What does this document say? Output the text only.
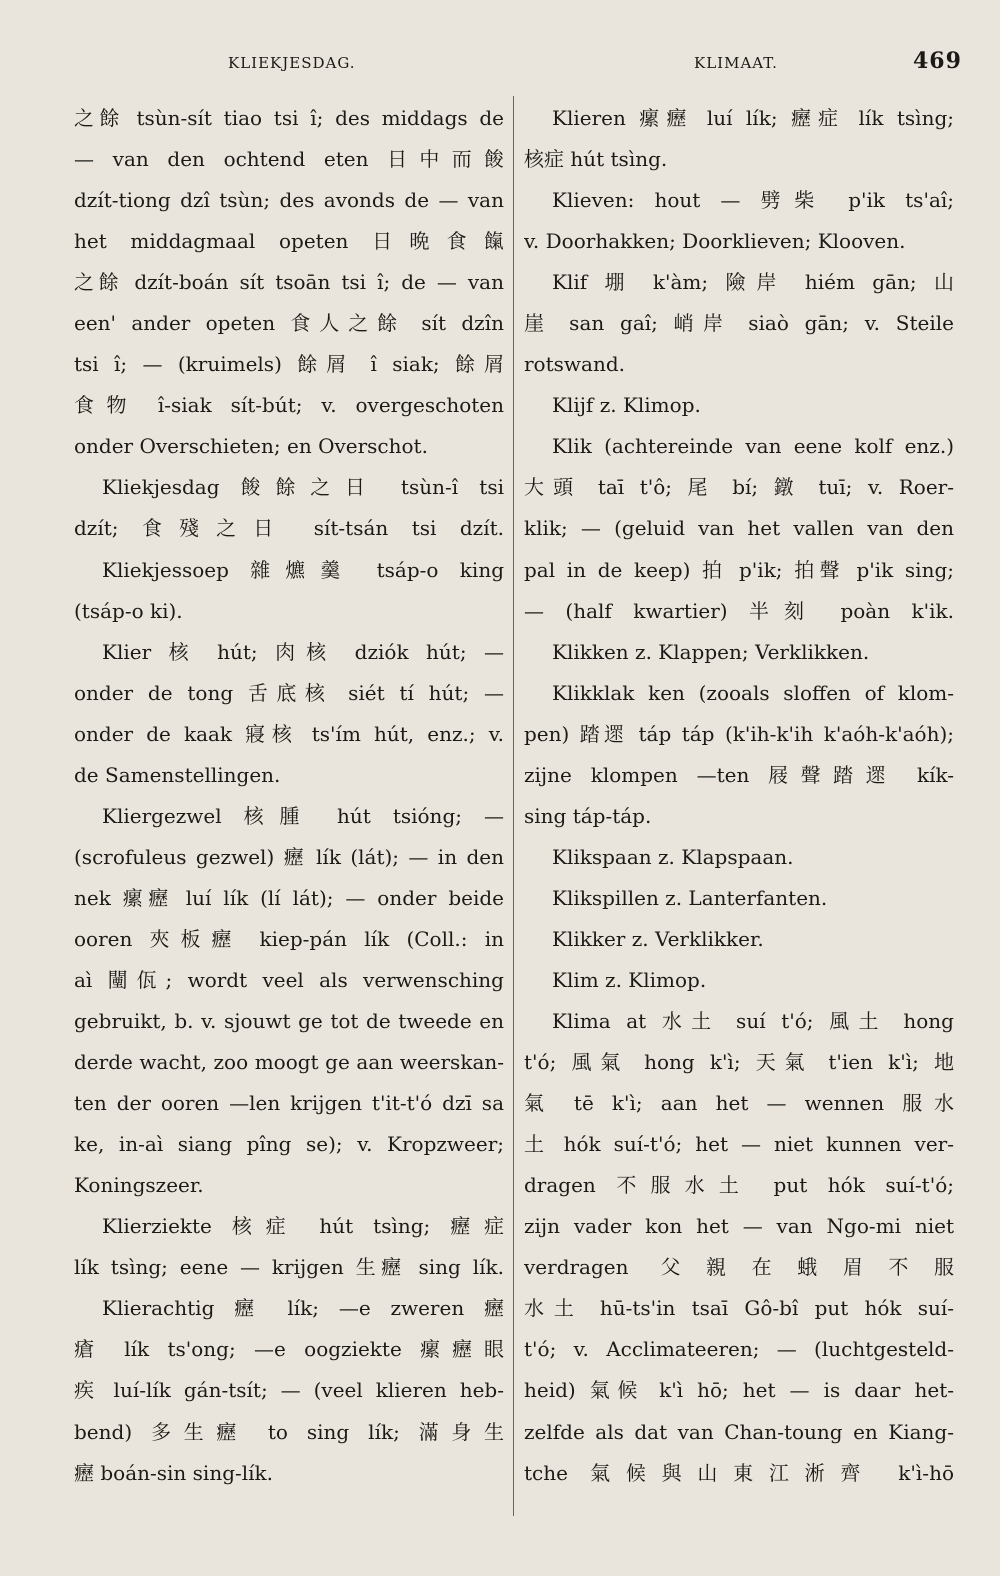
KLIEKJESDAG.	KLIMAAT.	469
之餘 tsùn-sít tiao tsi î; des middags de
— van den ochtend eten 日中而餕
dzít-tiong dzî tsùn; des avonds de — van
het middagmaal opeten 日晩食餼
之餘 dzít-boán sít tsoān tsi î; de — van
een' ander opeten 食人之餘 sít dzîn
tsi î; — (kruimels) 餘屑 î siak; 餘屑
食物 î-siak sít-bút; v. overgeschoten
onder Overschieten; en Overschot.
Kliekjesdag 餕餘之日 tsùn-î tsi
dzít; 食殘之日 sít-tsán tsi dzít.
Kliekjessoep 雜爊羹 tsáp-o king
(tsáp-o ki).
Klier 核 hút; 肉核 dziók hút; —
onder de tong 舌底核 siét tí hút; —
onder de kaak 寢核 ts'ím hút, enz.; v.
de Samenstellingen.
Kliergezwel 核腫 hút tsióng; —
(scrofuleus gezwel) 癧 lík (lát); — in den
nek 瘰癧 luí lík (lí lát); — onder beide
ooren 夾板癧 kiep-pán lík (Coll.: in
aì 闉佤; wordt veel als verwensching
gebruikt, b. v. sjouwt ge tot de tweede en
derde wacht, zoo moogt ge aan weerskan-
ten der ooren —len krijgen t'it-t'ó dzī sa
ke, in-aì siang pîng se); v. Kropzweer;
Koningszeer.
Klierziekte 核症 hút tsìng; 癧症
lík tsìng; eene — krijgen 生癧 sing lík.
Klierachtig 癧 lík; —e zweren 癧
瘡 lík ts'ong; —e oogziekte 瘰癧眼
疾 luí-lík gán-tsít; — (veel klieren heb-
bend) 多生癧 to sing lík; 滿身生
癧 boán-sin sing-lík.
Klieren 瘰癧 luí lík; 癧症 lík tsìng;
核症 hút tsìng.
Klieven: hout — 劈柴 p'ik ts'aî;
v. Doorhakken; Doorklieven; Klooven.
Klif 堋 k'àm; 險岸 hiém gān; 山
崖 san gaî; 峭岸 siaò gān; v. Steile
rotswand.
Klijf z. Klimop.
Klik (achtereinde van eene kolf enz.)
大頭 taī t'ô; 尾 bí; 鐓 tuī; v. Roer-
klik; — (geluid van het vallen van den
pal in de keep) 拍 p'ik; 拍聲 p'ik sing;
— (half kwartier) 半刻 poàn k'ik.
Klikken z. Klappen; Verklikken.
Klikklak ken (zooals sloffen of klom-
pen) 踏遝 táp táp (k'ih-k'ih k'aóh-k'aóh);
zijne klompen —ten 屐聲踏遝 kík-
sing táp-táp.
Klikspaan z. Klapspaan.
Klikspillen z. Lanterfanten.
Klikker z. Verklikker.
Klim z. Klimop.
Klima at 水土 suí t'ó; 風土 hong
t'ó; 風氣 hong k'ì; 天氣 t'ien k'ì; 地
氣 tē k'ì; aan het — wennen 服水
土 hók suí-t'ó; het — niet kunnen ver-
dragen 不服水土 put hók suí-t'ó;
zijn vader kon het — van Ngo-mi niet
verdragen 父親在蛾眉不服
水土 hū-ts'in tsaī Gô-bî put hók suí-
t'ó; v. Acclimateeren; — (luchtgesteld-
heid) 氣候 k'ì hō; het — is daar het-
zelfde als dat van Chan-toung en Kiang-
tche 氣候與山東江淅齊 k'ì-hō
